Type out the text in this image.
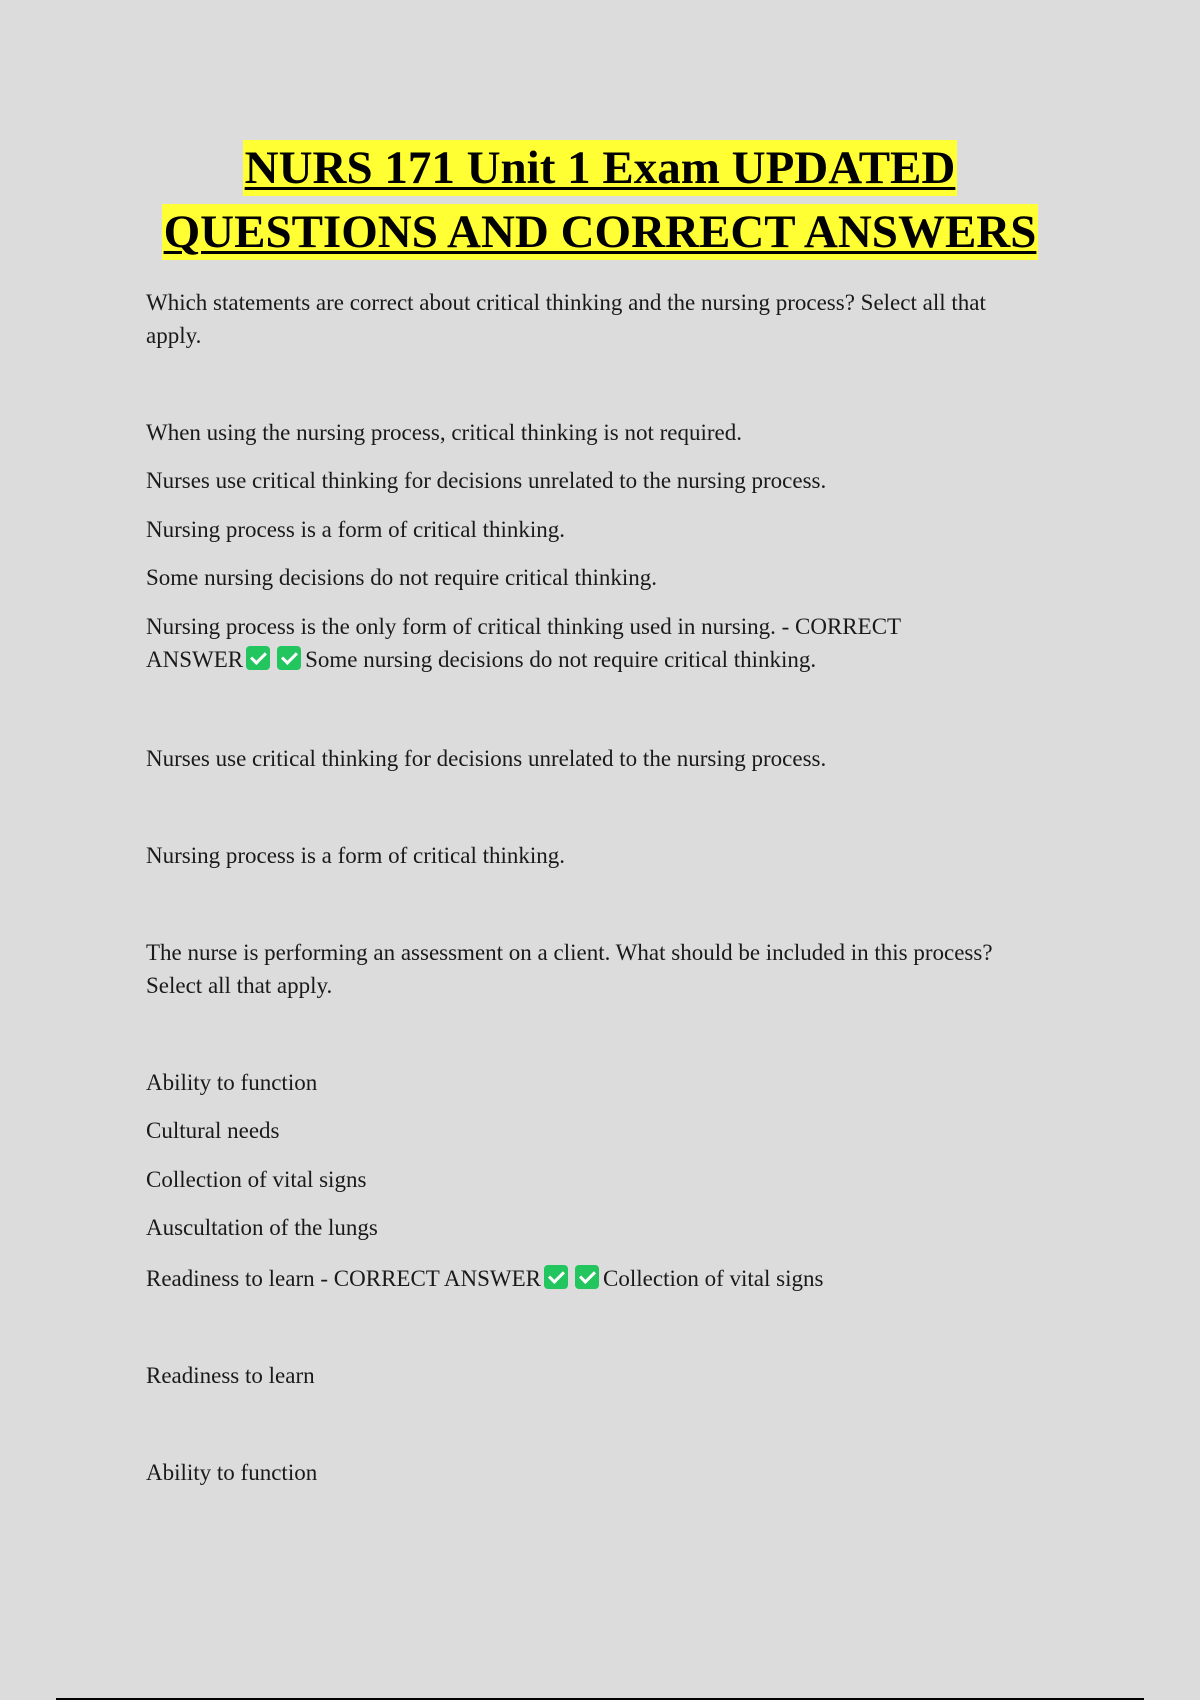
NURS 171 Unit 1 Exam UPDATED
QUESTIONS AND CORRECT ANSWERS

Which statements are correct about critical thinking and the nursing process? Select all that apply.

When using the nursing process, critical thinking is not required.

Nurses use critical thinking for decisions unrelated to the nursing process.

Nursing process is a form of critical thinking.

Some nursing decisions do not require critical thinking.

Nursing process is the only form of critical thinking used in nursing. - CORRECT ANSWER	Some nursing decisions do not require critical thinking.

Nurses use critical thinking for decisions unrelated to the nursing process.

Nursing process is a form of critical thinking.

The nurse is performing an assessment on a client. What should be included in this process? Select all that apply.

Ability to function

Cultural needs

Collection of vital signs

Auscultation of the lungs

Readiness to learn - CORRECT ANSWER	Collection of vital signs

Readiness to learn

Ability to function
